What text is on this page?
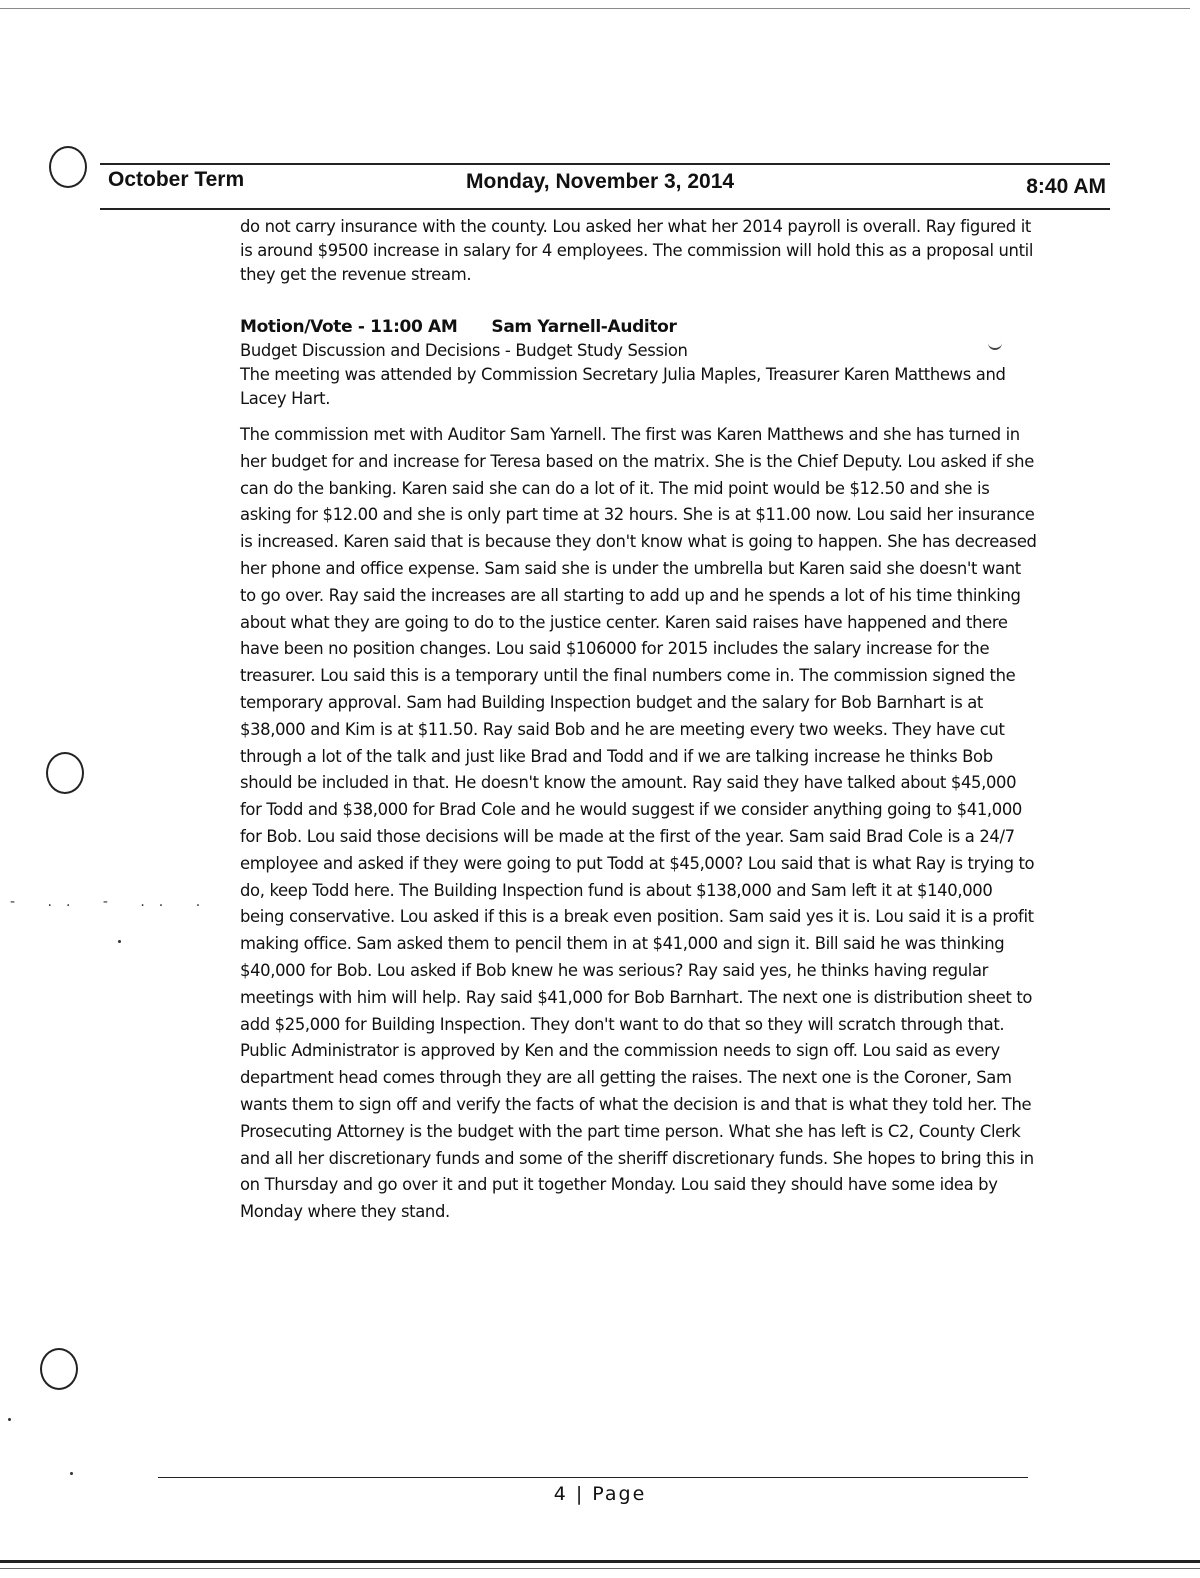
October Term	Monday, November 3, 2014	8:40 AM

do not carry insurance with the county. Lou asked her what her 2014 payroll is overall. Ray figured it is around $9500 increase in salary for 4 employees. The commission will hold this as a proposal until they get the revenue stream.

Motion/Vote - 11:00 AM Sam Yarnell-Auditor

Budget Discussion and Decisions - Budget Study Session

The meeting was attended by Commission Secretary Julia Maples, Treasurer Karen Matthews and Lacey Hart.

The commission met with Auditor Sam Yarnell. The first was Karen Matthews and she has turned in her budget for and increase for Teresa based on the matrix. She is the Chief Deputy. Lou asked if she can do the banking. Karen said she can do a lot of it. The mid point would be $12.50 and she is asking for $12.00 and she is only part time at 32 hours. She is at $11.00 now. Lou said her insurance is increased. Karen said that is because they don't know what is going to happen. She has decreased her phone and office expense. Sam said she is under the umbrella but Karen said she doesn't want to go over. Ray said the increases are all starting to add up and he spends a lot of his time thinking about what they are going to do to the justice center. Karen said raises have happened and there have been no position changes. Lou said $106000 for 2015 includes the salary increase for the treasurer. Lou said this is a temporary until the final numbers come in. The commission signed the temporary approval. Sam had Building Inspection budget and the salary for Bob Barnhart is at $38,000 and Kim is at $11.50. Ray said Bob and he are meeting every two weeks. They have cut through a lot of the talk and just like Brad and Todd and if we are talking increase he thinks Bob should be included in that. He doesn't know the amount. Ray said they have talked about $45,000 for Todd and $38,000 for Brad Cole and he would suggest if we consider anything going to $41,000 for Bob. Lou said those decisions will be made at the first of the year. Sam said Brad Cole is a 24/7 employee and asked if they were going to put Todd at $45,000? Lou said that is what Ray is trying to do, keep Todd here. The Building Inspection fund is about $138,000 and Sam left it at $140,000 being conservative. Lou asked if this is a break even position. Sam said yes it is. Lou said it is a profit making office. Sam asked them to pencil them in at $41,000 and sign it. Bill said he was thinking $40,000 for Bob. Lou asked if Bob knew he was serious? Ray said yes, he thinks having regular meetings with him will help. Ray said $41,000 for Bob Barnhart. The next one is distribution sheet to add $25,000 for Building Inspection. They don't want to do that so they will scratch through that. Public Administrator is approved by Ken and the commission needs to sign off. Lou said as every department head comes through they are all getting the raises. The next one is the Coroner, Sam wants them to sign off and verify the facts of what the decision is and that is what they told her. The Prosecuting Attorney is the budget with the part time person. What she has left is C2, County Clerk and all her discretionary funds and some of the sheriff discretionary funds. She hopes to bring this in on Thursday and go over it and put it together Monday. Lou said they should have some idea by Monday where they stand.

- .. - .. .
4 | Page
